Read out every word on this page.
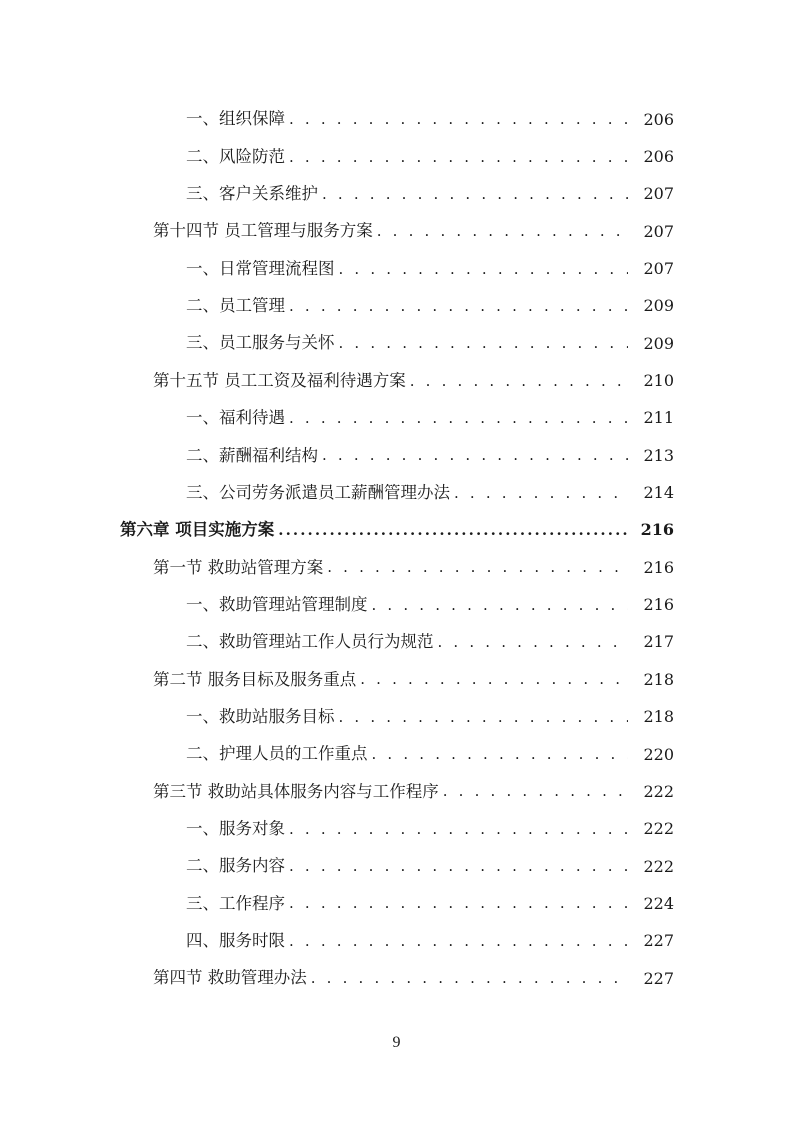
一、组织保障 . . .	206
二、风险防范 . . .	206
三、客户关系维护 . . .	207
第十四节 员工管理与服务方案 . . .	207
一、日常管理流程图 . . .	207
二、员工管理 . . .	209
三、员工服务与关怀 . . .	209
第十五节 员工工资及福利待遇方案 . . .	210
一、福利待遇 . . .	211
二、薪酬福利结构 . . .	213
三、公司劳务派遣员工薪酬管理办法 . . .	214
第六章 项目实施方案 .....	216
第一节 救助站管理方案 . . .	216
一、救助管理站管理制度 . . .	216
二、救助管理站工作人员行为规范 . . .	217
第二节 服务目标及服务重点 . . .	218
一、救助站服务目标 . . .	218
二、护理人员的工作重点 . . .	220
第三节 救助站具体服务内容与工作程序 . . .	222
一、服务对象 . . .	222
二、服务内容 . . .	222
三、工作程序 . . .	224
四、服务时限 . . .	227
第四节 救助管理办法 . . .	227
9
